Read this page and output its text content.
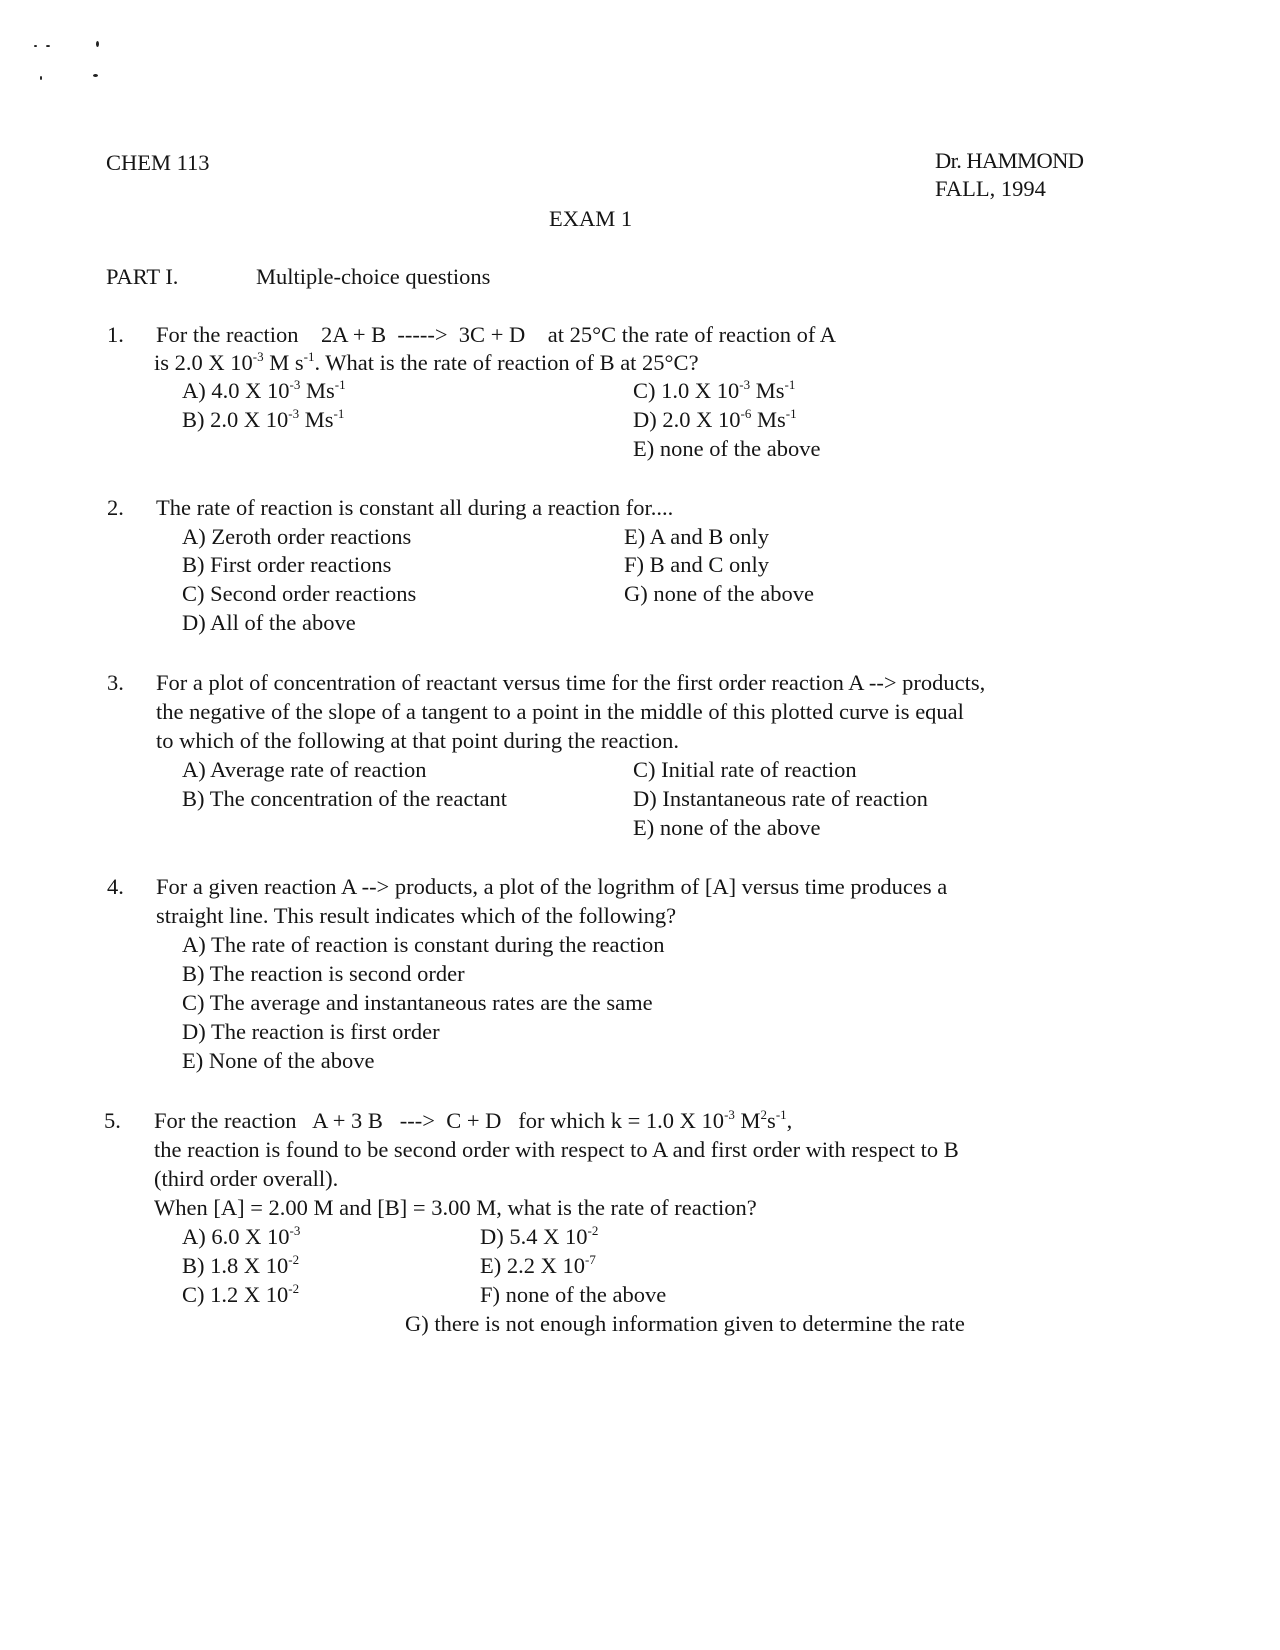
CHEM 113	Dr. HAMMOND
FALL, 1994
EXAM 1
PART I.	Multiple-choice questions
1. For the reaction    2A + B  ----->  3C + D    at 25°C the rate of reaction of A
is 2.0 X $10^{-3}$ M $s^{-1}$. What is the rate of reaction of B at 25°C?
A) 4.0 X $10^{-3}$ $Ms^{-1}$
B) 2.0 X $10^{-3}$ $Ms^{-1}$
C) 1.0 X $10^{-3}$ $Ms^{-1}$
D) 2.0 X $10^{-6}$ $Ms^{-1}$
E) none of the above
2. The rate of reaction is constant all during a reaction for....
A) Zeroth order reactions
B) First order reactions
C) Second order reactions
D) All of the above
E) A and B only
F) B and C only
G) none of the above
3. For a plot of concentration of reactant versus time for the first order reaction A --> products,
the negative of the slope of a tangent to a point in the middle of this plotted curve is equal
to which of the following at that point during the reaction.
A) Average rate of reaction
B) The concentration of the reactant
C) Initial rate of reaction
D) Instantaneous rate of reaction
E) none of the above
4. For a given reaction A --> products, a plot of the logrithm of [A] versus time produces a
straight line. This result indicates which of the following?
A) The rate of reaction is constant during the reaction
B) The reaction is second order
C) The average and instantaneous rates are the same
D) The reaction is first order
E) None of the above
5. For the reaction   A + 3 B   --->  C + D   for which k = 1.0 X $10^{-3}$ $M^2s^{-1}$,
the reaction is found to be second order with respect to A and first order with respect to B
(third order overall).
When [A] = 2.00 M and [B] = 3.00 M, what is the rate of reaction?
A) 6.0 X $10^{-3}$
B) 1.8 X $10^{-2}$
C) 1.2 X $10^{-2}$
D) 5.4 X $10^{-2}$
E) 2.2 X $10^{-7}$
F) none of the above
G) there is not enough information given to determine the rate
